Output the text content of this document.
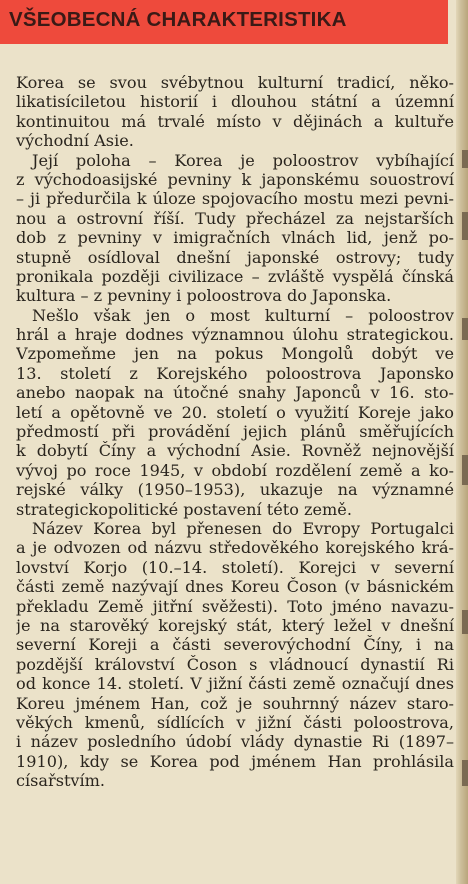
VŠEOBECNÁ CHARAKTERISTIKA
Korea se svou svébytnou kulturní tradicí, něko-
likatisíciletou historií i dlouhou státní a územní
kontinuitou má trvalé místo v dějinách a kultuře
východní Asie.
Její poloha – Korea je poloostrov vybíhající
z východoasijské pevniny k japonskému souostroví
– ji předurčila k úloze spojovacího mostu mezi pevni-
nou a ostrovní říší. Tudy přecházel za nejstarších
dob z pevniny v imigračních vlnách lid, jenž po-
stupně osídloval dnešní japonské ostrovy; tudy
pronikala později civilizace – zvláště vyspělá čínská
kultura – z pevniny i poloostrova do Japonska.
Nešlo však jen o most kulturní – poloostrov
hrál a hraje dodnes významnou úlohu strategickou.
Vzpomeňme jen na pokus Mongolů dobýt ve
13. století z Korejského poloostrova Japonsko
anebo naopak na útočné snahy Japonců v 16. sto-
letí a opětovně ve 20. století o využití Koreje jako
předmostí při provádění jejich plánů směřujících
k dobytí Číny a východní Asie. Rovněž nejnovější
vývoj po roce 1945, v období rozdělení země a ko-
rejské války (1950–1953), ukazuje na významné
strategickopolitické postavení této země.
Název Korea byl přenesen do Evropy Portugalci
a je odvozen od názvu středověkého korejského krá-
lovství Korjo (10.–14. století). Korejci v severní
části země nazývají dnes Koreu Čoson (v básnickém
překladu Země jitřní svěžesti). Toto jméno navazu-
je na starověký korejský stát, který ležel v dnešní
severní Koreji a části severovýchodní Číny, i na
pozdější království Čoson s vládnoucí dynastií Ri
od konce 14. století. V jižní části země označují dnes
Koreu jménem Han, což je souhrnný název staro-
věkých kmenů, sídlících v jižní části poloostrova,
i název posledního údobí vlády dynastie Ri (1897–
1910), kdy se Korea pod jménem Han prohlásila
císařstvím.
